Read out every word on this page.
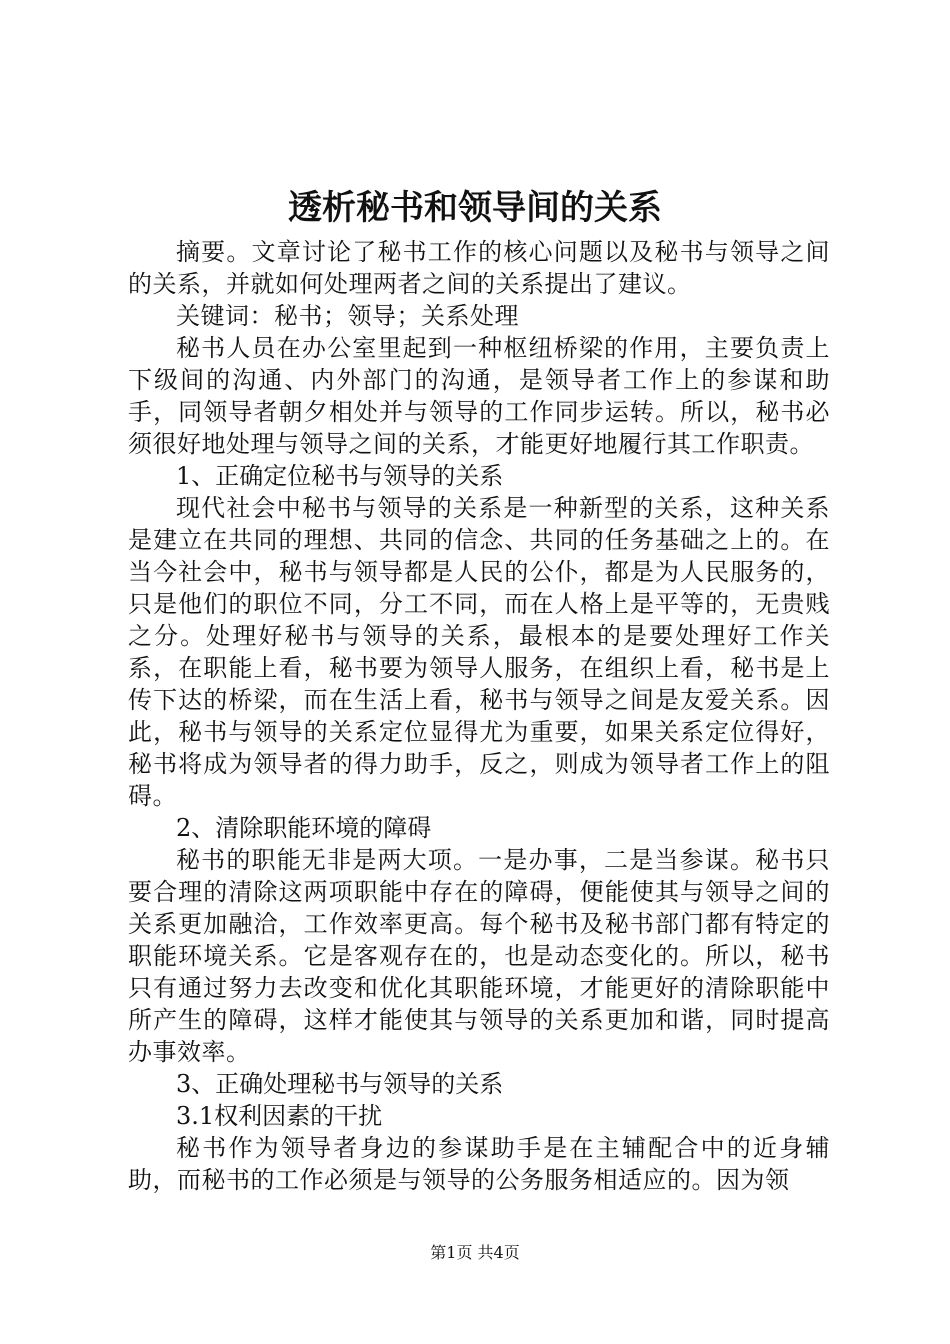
透析秘书和领导间的关系

摘要。文章讨论了秘书工作的核心问题以及秘书与领导之间的关系，并就如何处理两者之间的关系提出了建议。

关键词：秘书；领导；关系处理

秘书人员在办公室里起到一种枢纽桥梁的作用，主要负责上下级间的沟通、内外部门的沟通，是领导者工作上的参谋和助手，同领导者朝夕相处并与领导的工作同步运转。所以，秘书必须很好地处理与领导之间的关系，才能更好地履行其工作职责。

1、正确定位秘书与领导的关系

现代社会中秘书与领导的关系是一种新型的关系，这种关系是建立在共同的理想、共同的信念、共同的任务基础之上的。在当今社会中，秘书与领导都是人民的公仆，都是为人民服务的，只是他们的职位不同，分工不同，而在人格上是平等的，无贵贱之分。处理好秘书与领导的关系，最根本的是要处理好工作关系，在职能上看，秘书要为领导人服务，在组织上看，秘书是上传下达的桥梁，而在生活上看，秘书与领导之间是友爱关系。因此，秘书与领导的关系定位显得尤为重要，如果关系定位得好，秘书将成为领导者的得力助手，反之，则成为领导者工作上的阻碍。

2、清除职能环境的障碍

秘书的职能无非是两大项。一是办事，二是当参谋。秘书只要合理的清除这两项职能中存在的障碍，便能使其与领导之间的关系更加融洽，工作效率更高。每个秘书及秘书部门都有特定的职能环境关系。它是客观存在的，也是动态变化的。所以，秘书只有通过努力去改变和优化其职能环境，才能更好的清除职能中所产生的障碍，这样才能使其与领导的关系更加和谐，同时提高办事效率。

3、正确处理秘书与领导的关系

3.1权利因素的干扰

秘书作为领导者身边的参谋助手是在主辅配合中的近身辅助，而秘书的工作必须是与领导的公务服务相适应的。因为领

第1页 共4页
